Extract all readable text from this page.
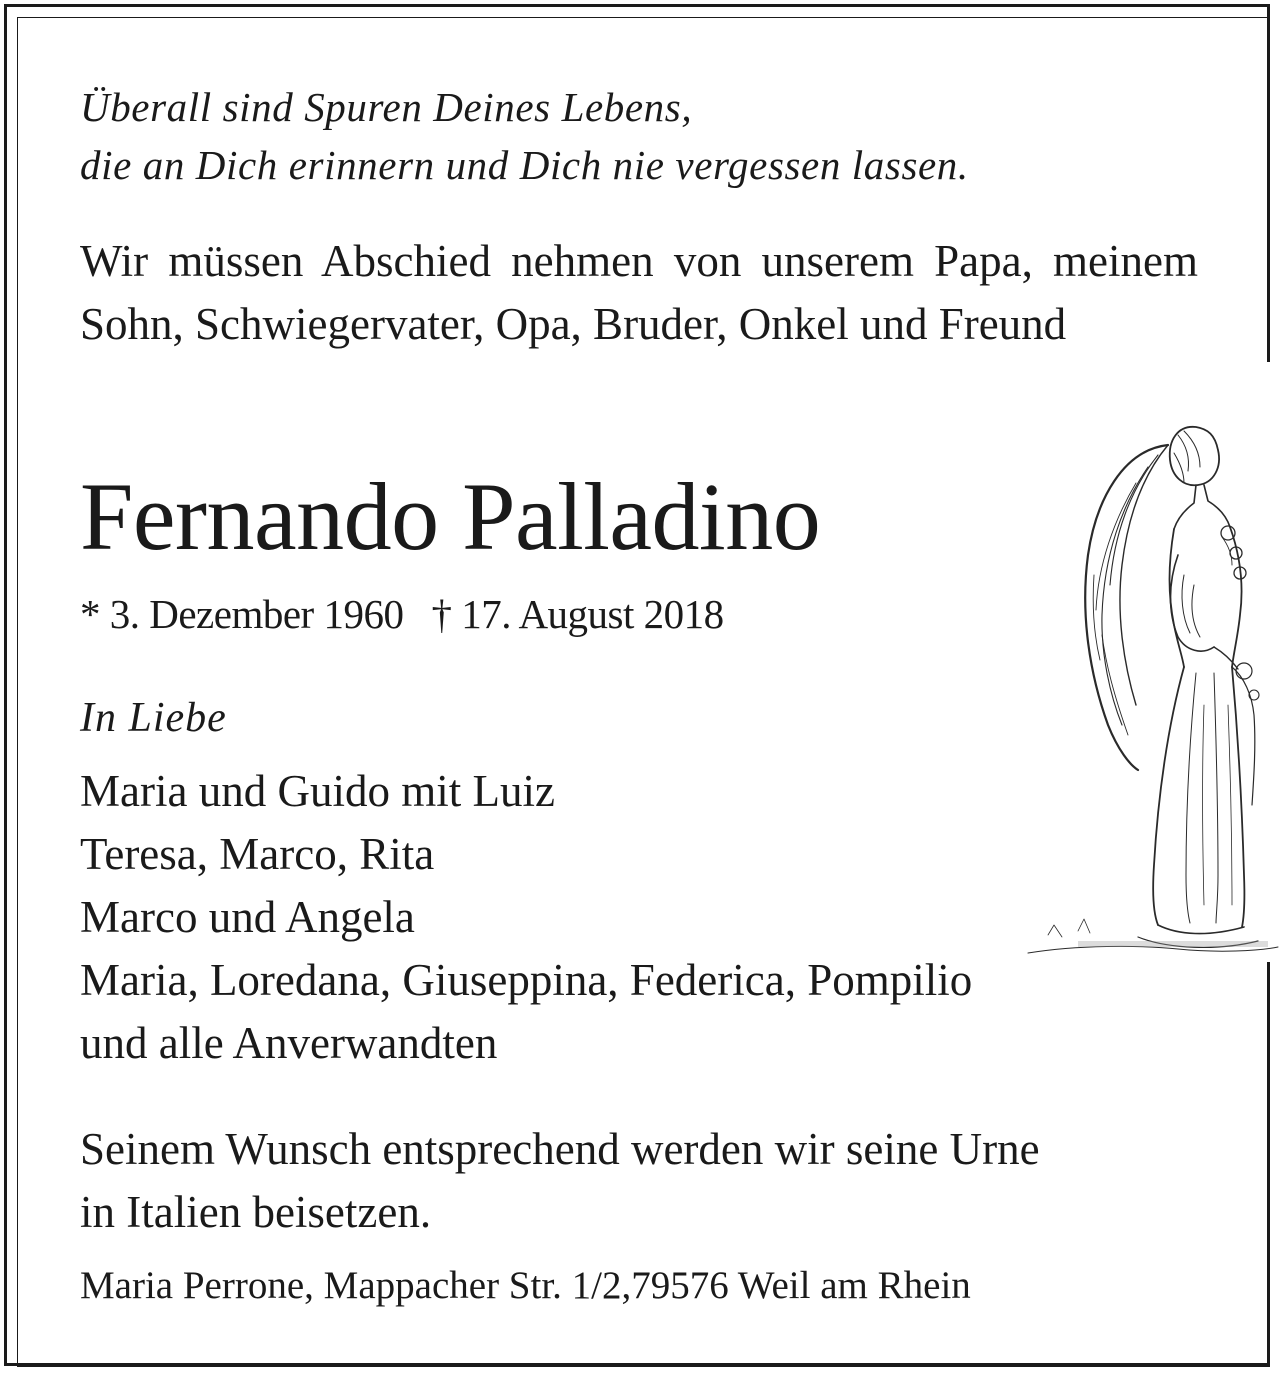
Überall sind Spuren Deines Lebens,
die an Dich erinnern und Dich nie vergessen lassen.

Wir müssen Abschied nehmen von unserem Papa, meinem Sohn, Schwiegervater, Opa, Bruder, Onkel und Freund

Fernando Palladino
* 3. Dezember 1960 † 17. August 2018
In Liebe
Maria und Guido mit Luiz
Teresa, Marco, Rita
Marco und Angela
Maria, Loredana, Giuseppina, Federica, Pompilio
und alle Anverwandten
Seinem Wunsch entsprechend werden wir seine Urne
in Italien beisetzen.
Maria Perrone, Mappacher Str. 1/2,79576 Weil am Rhein
